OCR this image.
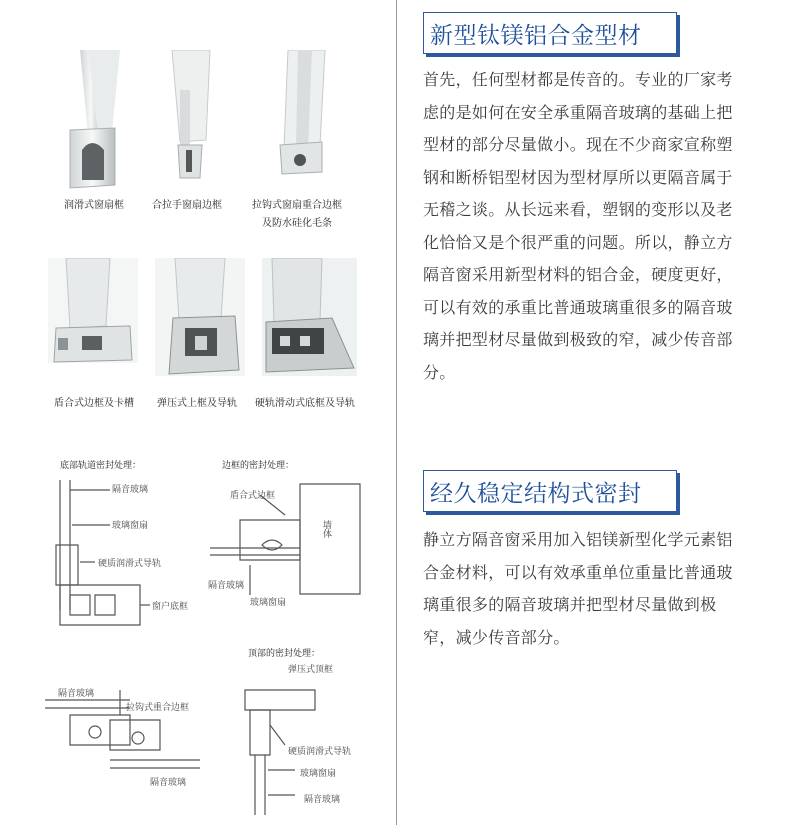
新型钛镁铝合金型材

首先，任何型材都是传音的。专业的厂家考虑的是如何在安全承重隔音玻璃的基础上把型材的部分尽量做小。现在不少商家宣称塑钢和断桥铝型材因为型材厚所以更隔音属于无稽之谈。从长远来看，塑钢的变形以及老化恰恰又是个很严重的问题。所以，静立方隔音窗采用新型材料的铝合金，硬度更好，可以有效的承重比普通玻璃重很多的隔音玻璃并把型材尽量做到极致的窄，减少传音部分。

经久稳定结构式密封

静立方隔音窗采用加入铝镁新型化学元素铝合金材料，可以有效承重单位重量比普通玻璃重很多的隔音玻璃并把型材尽量做到极窄，减少传音部分。

润滑式窗扇框	合拉手窗扇边框	拉钩式窗扇重合边框
及防水硅化毛条
盾合式边框及卡槽 弹压式上框及导轨 硬轨滑动式底框及导轨
底部轨道密封处理：
隔音玻璃
玻璃窗扇
硬质润滑式导轨
窗户底框
边框的密封处理：
盾合式边框
墙体
隔音玻璃
玻璃窗扇
顶部的密封处理：
弹压式顶框
硬质润滑式导轨
玻璃窗扇
隔音玻璃
隔音玻璃
拉钩式重合边框
隔音玻璃
